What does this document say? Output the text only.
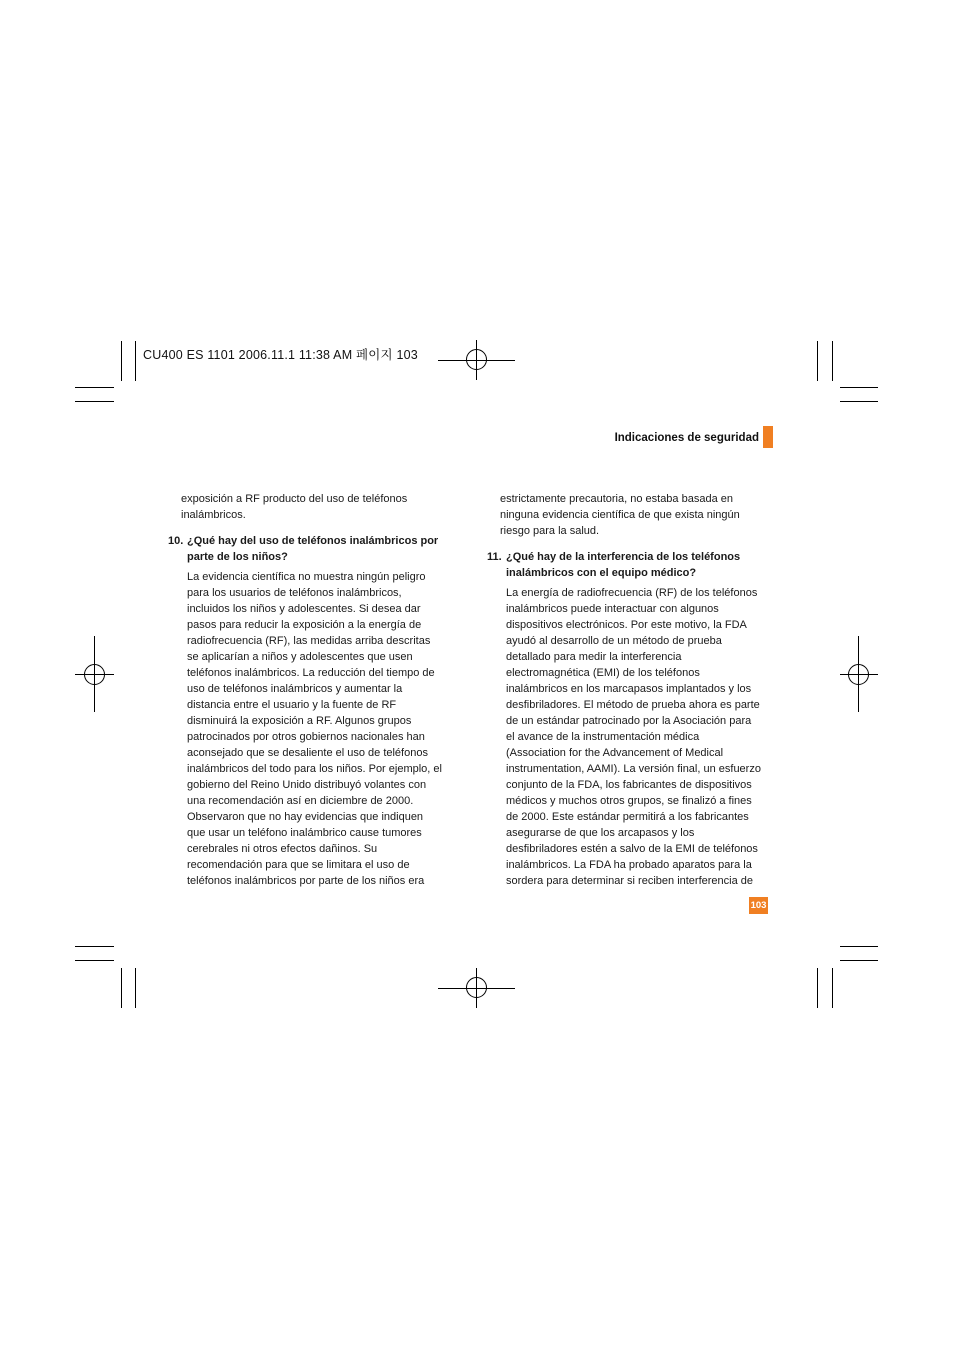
CU400 ES 1101 2006.11.1 11:38 AM 페이지 103
Indicaciones de seguridad
exposición a RF producto del uso de teléfonos
inalámbricos.
10. ¿Qué hay del uso de teléfonos inalámbricos por
parte de los niños?
La evidencia científica no muestra ningún peligro
para los usuarios de teléfonos inalámbricos,
incluidos los niños y adolescentes. Si desea dar
pasos para reducir la exposición a la energía de
radiofrecuencia (RF), las medidas arriba descritas
se aplicarían a niños y adolescentes que usen
teléfonos inalámbricos. La reducción del tiempo de
uso de teléfonos inalámbricos y aumentar la
distancia entre el usuario y la fuente de RF
disminuirá la exposición a RF. Algunos grupos
patrocinados por otros gobiernos nacionales han
aconsejado que se desaliente el uso de teléfonos
inalámbricos del todo para los niños. Por ejemplo, el
gobierno del Reino Unido distribuyó volantes con
una recomendación así en diciembre de 2000.
Observaron que no hay evidencias que indiquen
que usar un teléfono inalámbrico cause tumores
cerebrales ni otros efectos dañinos. Su
recomendación para que se limitara el uso de
teléfonos inalámbricos por parte de los niños era
estrictamente precautoria, no estaba basada en
ninguna evidencia científica de que exista ningún
riesgo para la salud.
11. ¿Qué hay de la interferencia de los teléfonos
inalámbricos con el equipo médico?
La energía de radiofrecuencia (RF) de los teléfonos
inalámbricos puede interactuar con algunos
dispositivos electrónicos. Por este motivo, la FDA
ayudó al desarrollo de un método de prueba
detallado para medir la interferencia
electromagnética (EMI) de los teléfonos
inalámbricos en los marcapasos implantados y los
desfibriladores. El método de prueba ahora es parte
de un estándar patrocinado por la Asociación para
el avance de la instrumentación médica
(Association for the Advancement of Medical
instrumentation, AAMI). La versión final, un esfuerzo
conjunto de la FDA, los fabricantes de dispositivos
médicos y muchos otros grupos, se finalizó a fines
de 2000. Este estándar permitirá a los fabricantes
asegurarse de que los arcapasos y los
desfibriladores estén a salvo de la EMI de teléfonos
inalámbricos. La FDA ha probado aparatos para la
sordera para determinar si reciben interferencia de
103
